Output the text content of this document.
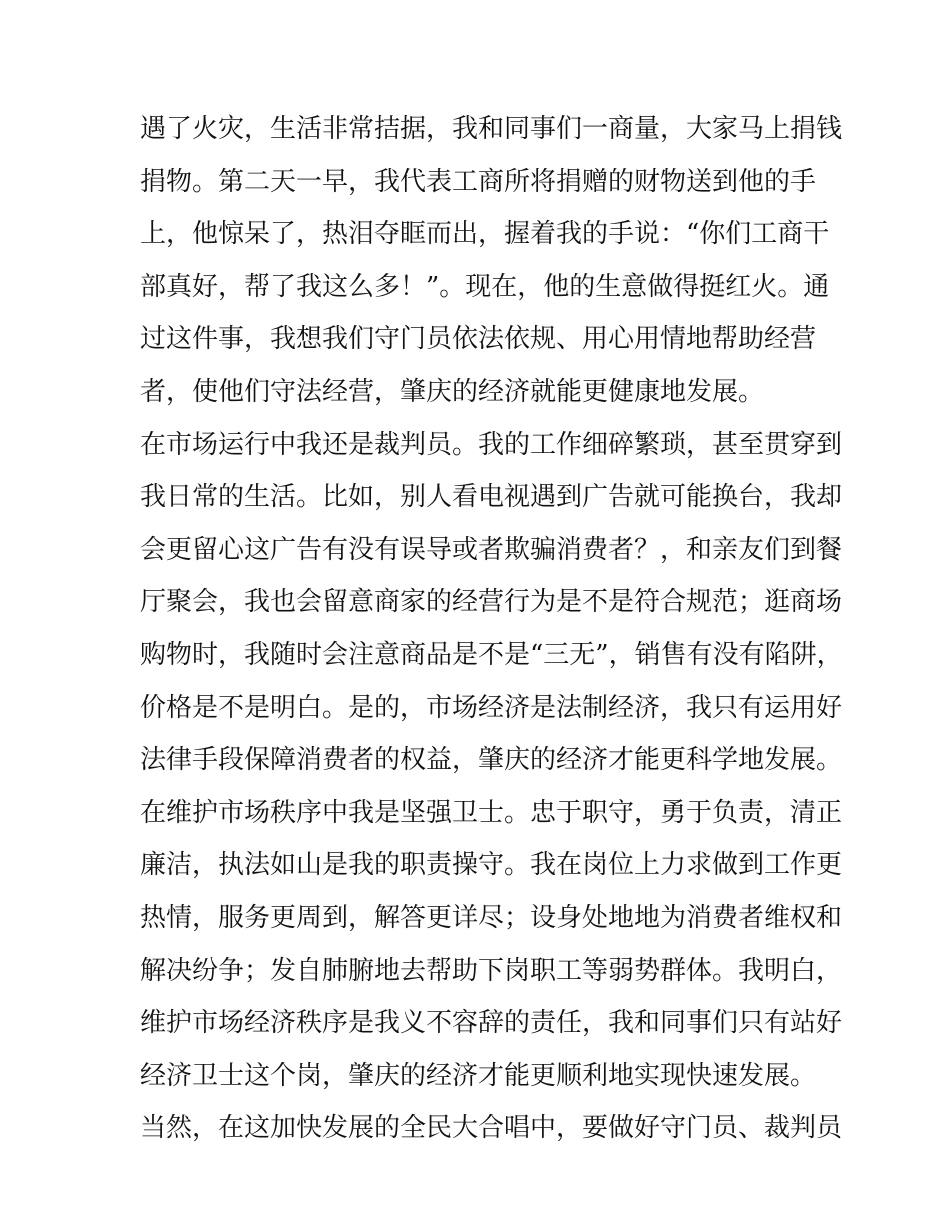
遇了火灾，生活非常拮据，我和同事们一商量，大家马上捐钱
捐物。第二天一早，我代表工商所将捐赠的财物送到他的手
上，他惊呆了，热泪夺眶而出，握着我的手说：“你们工商干
部真好，帮了我这么多！”。现在，他的生意做得挺红火。通
过这件事，我想我们守门员依法依规、用心用情地帮助经营
者，使他们守法经营，肇庆的经济就能更健康地发展。
在市场运行中我还是裁判员。我的工作细碎繁琐，甚至贯穿到
我日常的生活。比如，别人看电视遇到广告就可能换台，我却
会更留心这广告有没有误导或者欺骗消费者？，和亲友们到餐
厅聚会，我也会留意商家的经营行为是不是符合规范；逛商场
购物时，我随时会注意商品是不是“三无”，销售有没有陷阱，
价格是不是明白。是的，市场经济是法制经济，我只有运用好
法律手段保障消费者的权益，肇庆的经济才能更科学地发展。
在维护市场秩序中我是坚强卫士。忠于职守，勇于负责，清正
廉洁，执法如山是我的职责操守。我在岗位上力求做到工作更
热情，服务更周到，解答更详尽；设身处地地为消费者维权和
解决纷争；发自肺腑地去帮助下岗职工等弱势群体。我明白，
维护市场经济秩序是我义不容辞的责任，我和同事们只有站好
经济卫士这个岗，肇庆的经济才能更顺利地实现快速发展。
当然，在这加快发展的全民大合唱中，要做好守门员、裁判员
